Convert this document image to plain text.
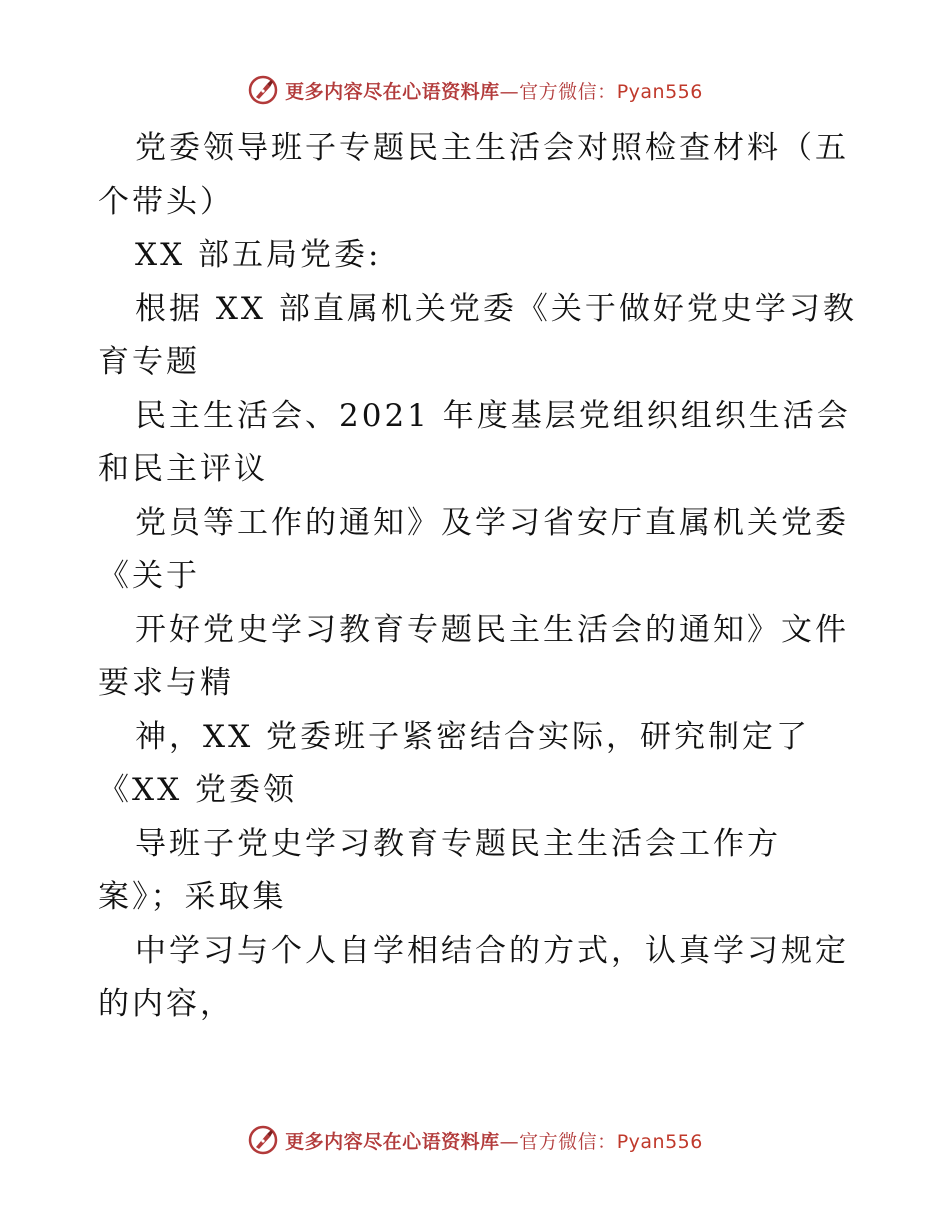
更多内容尽在心语资料库—官方微信：Pyan556
党委领导班子专题民主生活会对照检查材料（五
个带头）
XX 部五局党委:
根据 XX 部直属机关党委《关于做好党史学习教
育专题
民主生活会、2021 年度基层党组织组织生活会
和民主评议
党员等工作的通知》及学习省安厅直属机关党委
《关于
开好党史学习教育专题民主生活会的通知》文件
要求与精
神，XX 党委班子紧密结合实际，研究制定了
《XX 党委领
导班子党史学习教育专题民主生活会工作方
案》；采取集
中学习与个人自学相结合的方式，认真学习规定
的内容，
更多内容尽在心语资料库—官方微信：Pyan556
